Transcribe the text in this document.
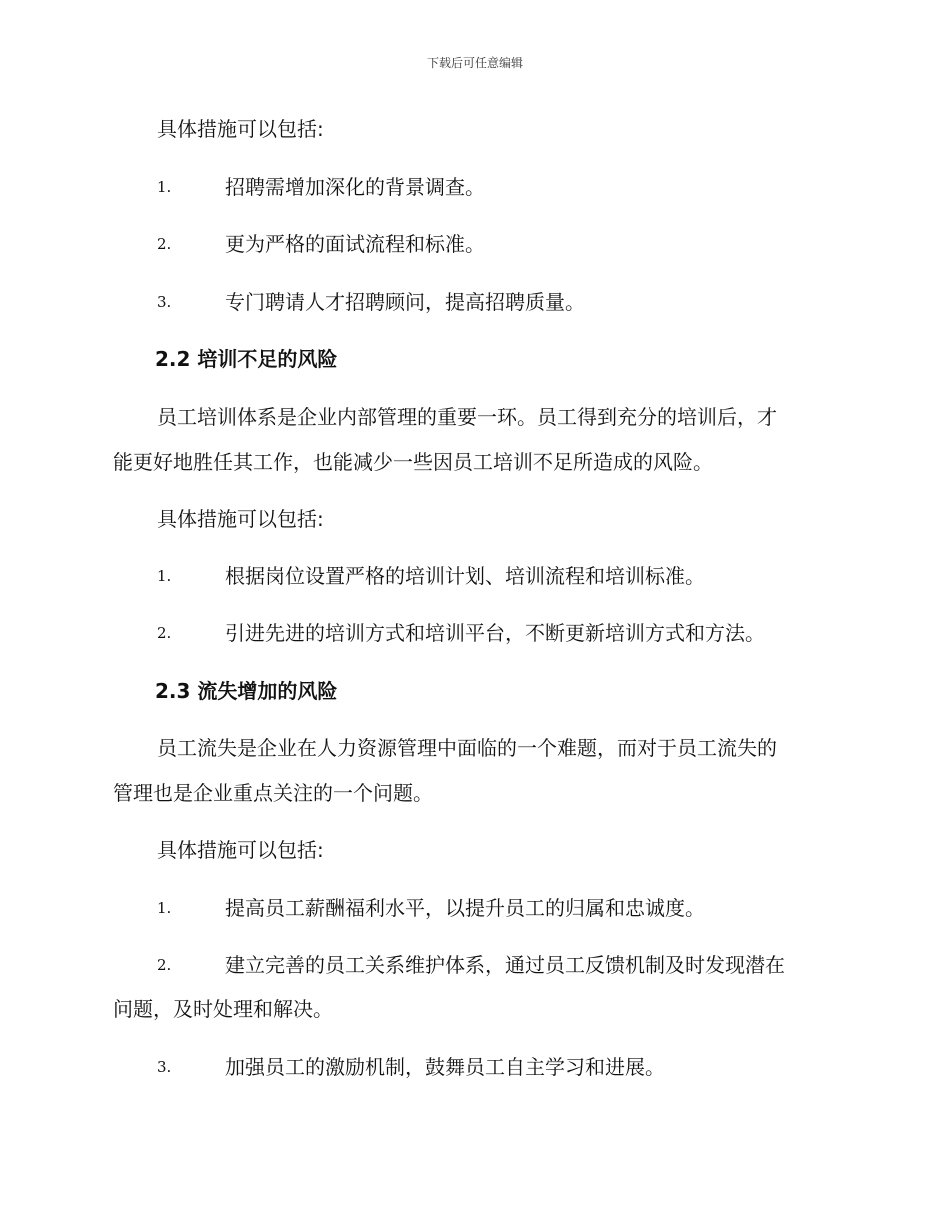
下载后可任意编辑
具体措施可以包括:
1.	招聘需增加深化的背景调查。
2.	更为严格的面试流程和标准。
3.	专门聘请人才招聘顾问，提高招聘质量。
2.2 培训不足的风险
员工培训体系是企业内部管理的重要一环。员工得到充分的培训后，才
能更好地胜任其工作，也能减少一些因员工培训不足所造成的风险。
具体措施可以包括:
1.	根据岗位设置严格的培训计划、培训流程和培训标准。
2.	引进先进的培训方式和培训平台，不断更新培训方式和方法。
2.3 流失增加的风险
员工流失是企业在人力资源管理中面临的一个难题，而对于员工流失的
管理也是企业重点关注的一个问题。
具体措施可以包括:
1.	提高员工薪酬福利水平，以提升员工的归属和忠诚度。
2.	建立完善的员工关系维护体系，通过员工反馈机制及时发现潜在
问题，及时处理和解决。
3.	加强员工的激励机制，鼓舞员工自主学习和进展。
